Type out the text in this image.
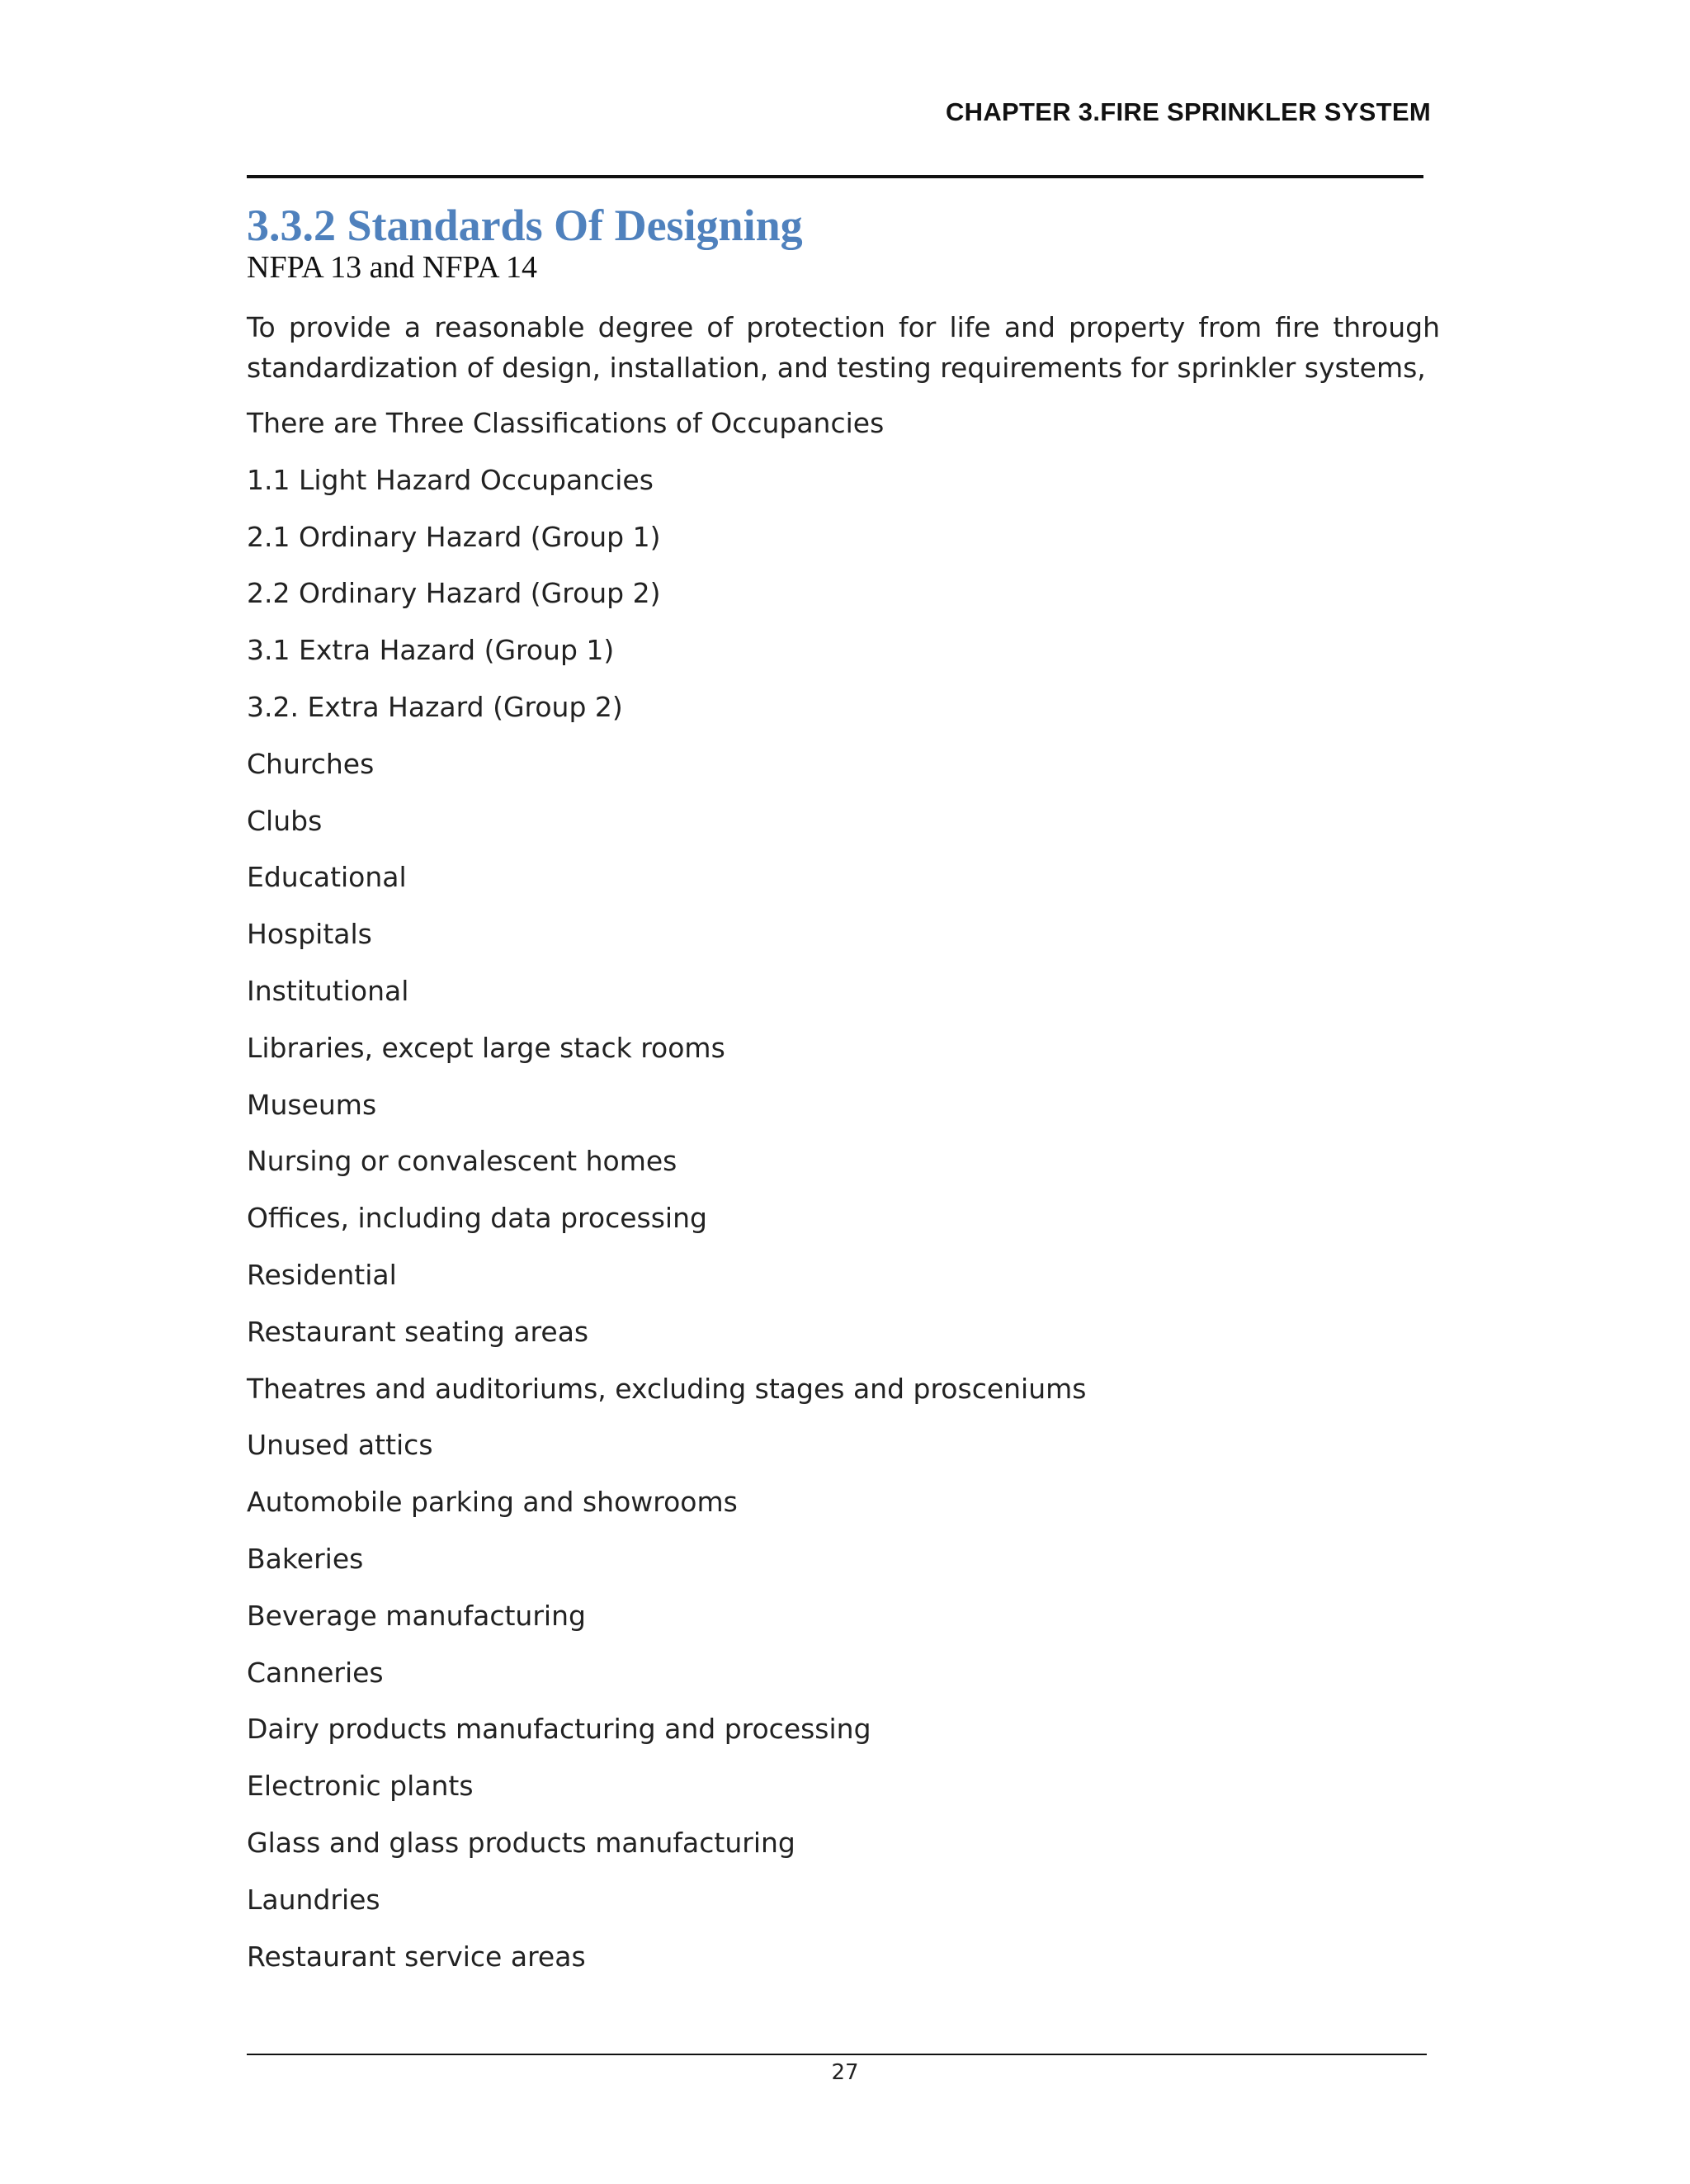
CHAPTER 3.FIRE SPRINKLER SYSTEM
3.3.2 Standards Of Designing
NFPA 13 and NFPA 14

To provide a reasonable degree of protection for life and property from fire through
standardization of design, installation, and testing requirements for sprinkler systems,

There are Three Classifications of Occupancies
1.1 Light Hazard Occupancies
2.1 Ordinary Hazard (Group 1)
2.2 Ordinary Hazard (Group 2)
3.1 Extra Hazard (Group 1)
3.2. Extra Hazard (Group 2)
Churches
Clubs
Educational
Hospitals
Institutional
Libraries, except large stack rooms
Museums
Nursing or convalescent homes
Offices, including data processing
Residential
Restaurant seating areas
Theatres and auditoriums, excluding stages and prosceniums
Unused attics
Automobile parking and showrooms
Bakeries
Beverage manufacturing
Canneries
Dairy products manufacturing and processing
Electronic plants
Glass and glass products manufacturing
Laundries
Restaurant service areas
27
